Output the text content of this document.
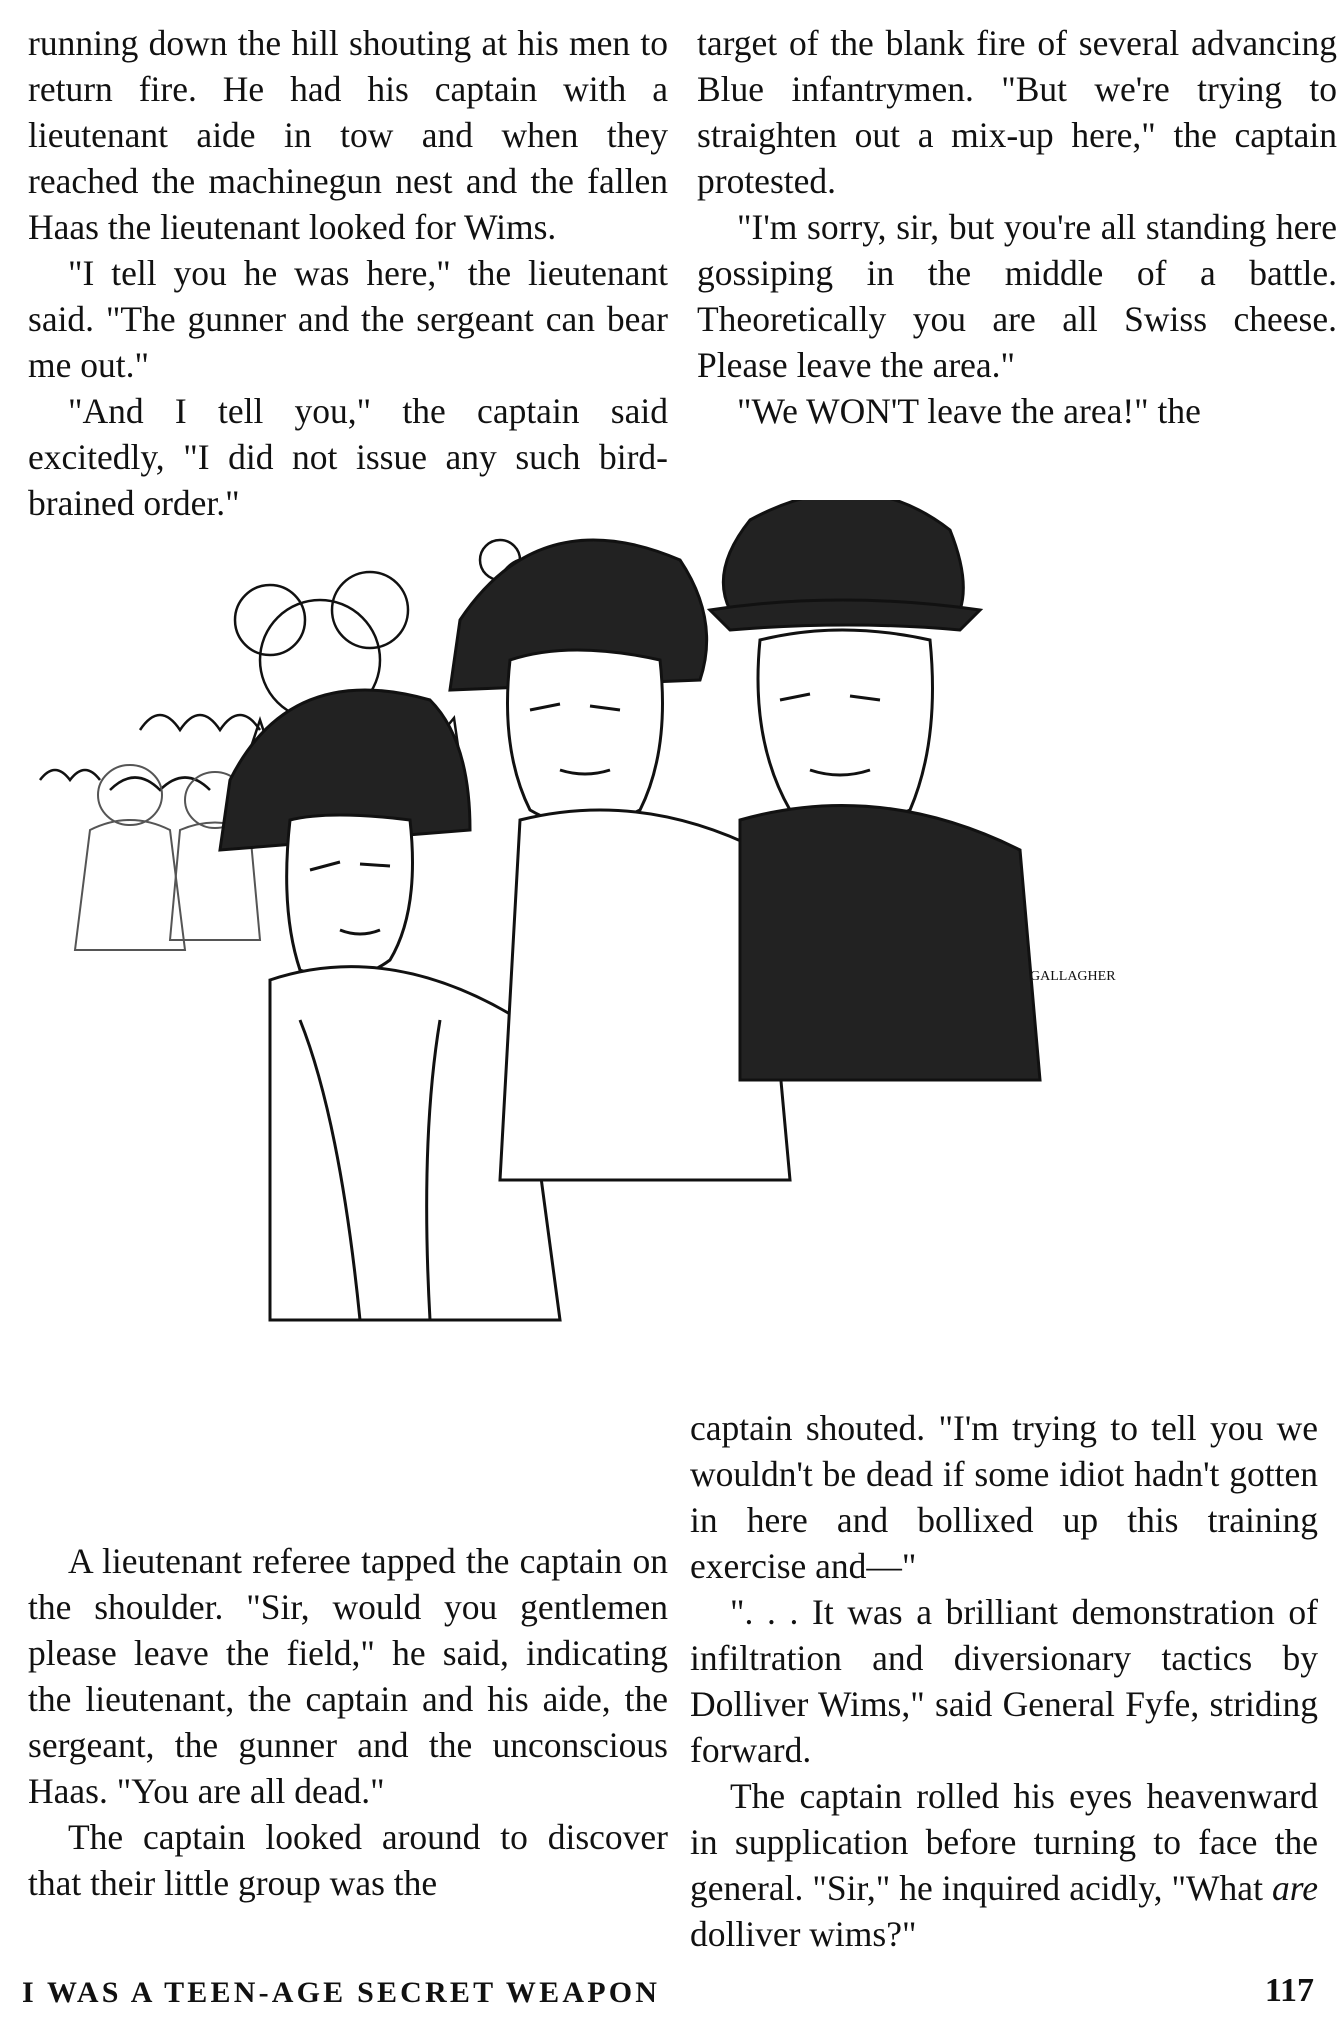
running down the hill shouting at his men to return fire. He had his captain with a lieutenant aide in tow and when they reached the machinegun nest and the fallen Haas the lieutenant looked for Wims.

"I tell you he was here," the lieutenant said. "The gunner and the sergeant can bear me out."

"And I tell you," the captain said excitedly, "I did not issue any such bird-brained order."

target of the blank fire of several advancing Blue infantrymen. "But we're trying to straighten out a mix-up here," the captain protested.

"I'm sorry, sir, but you're all standing here gossiping in the middle of a battle. Theoretically you are all Swiss cheese. Please leave the area."

"We WON'T leave the area!" the

GALLAGHER

captain shouted. "I'm trying to tell you we wouldn't be dead if some idiot hadn't gotten in here and bollixed up this training exercise and—"

". . . It was a brilliant demonstration of infiltration and diversionary tactics by Dolliver Wims," said General Fyfe, striding forward.

The captain rolled his eyes heavenward in supplication before turning to face the general. "Sir," he inquired acidly, "What are dolliver wims?"

A lieutenant referee tapped the captain on the shoulder. "Sir, would you gentlemen please leave the field," he said, indicating the lieutenant, the captain and his aide, the sergeant, the gunner and the unconscious Haas. "You are all dead."

The captain looked around to discover that their little group was the

I WAS A TEEN-AGE SECRET WEAPON	117
